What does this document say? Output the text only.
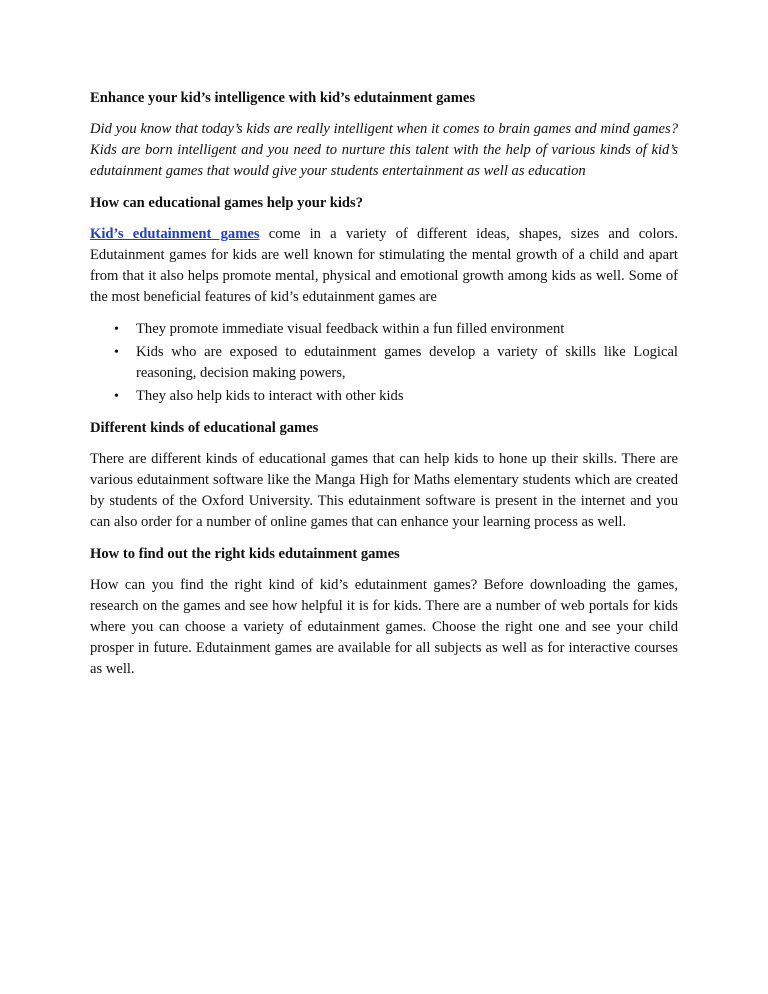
Enhance your kid’s intelligence with kid’s edutainment games

Did you know that today’s kids are really intelligent when it comes to brain games and mind games? Kids are born intelligent and you need to nurture this talent with the help of various kinds of kid’s edutainment games that would give your students entertainment as well as education

How can educational games help your kids?

Kid’s edutainment games come in a variety of different ideas, shapes, sizes and colors. Edutainment games for kids are well known for stimulating the mental growth of a child and apart from that it also helps promote mental, physical and emotional growth among kids as well. Some of the most beneficial features of kid’s edutainment games are

• They promote immediate visual feedback within a fun filled environment
• Kids who are exposed to edutainment games develop a variety of skills like Logical reasoning, decision making powers,
• They also help kids to interact with other kids

Different kinds of educational games

There are different kinds of educational games that can help kids to hone up their skills. There are various edutainment software like the Manga High for Maths elementary students which are created by students of the Oxford University. This edutainment software is present in the internet and you can also order for a number of online games that can enhance your learning process as well.

How to find out the right kids edutainment games

How can you find the right kind of kid’s edutainment games? Before downloading the games, research on the games and see how helpful it is for kids. There are a number of web portals for kids where you can choose a variety of edutainment games. Choose the right one and see your child prosper in future. Edutainment games are available for all subjects as well as for interactive courses as well.
